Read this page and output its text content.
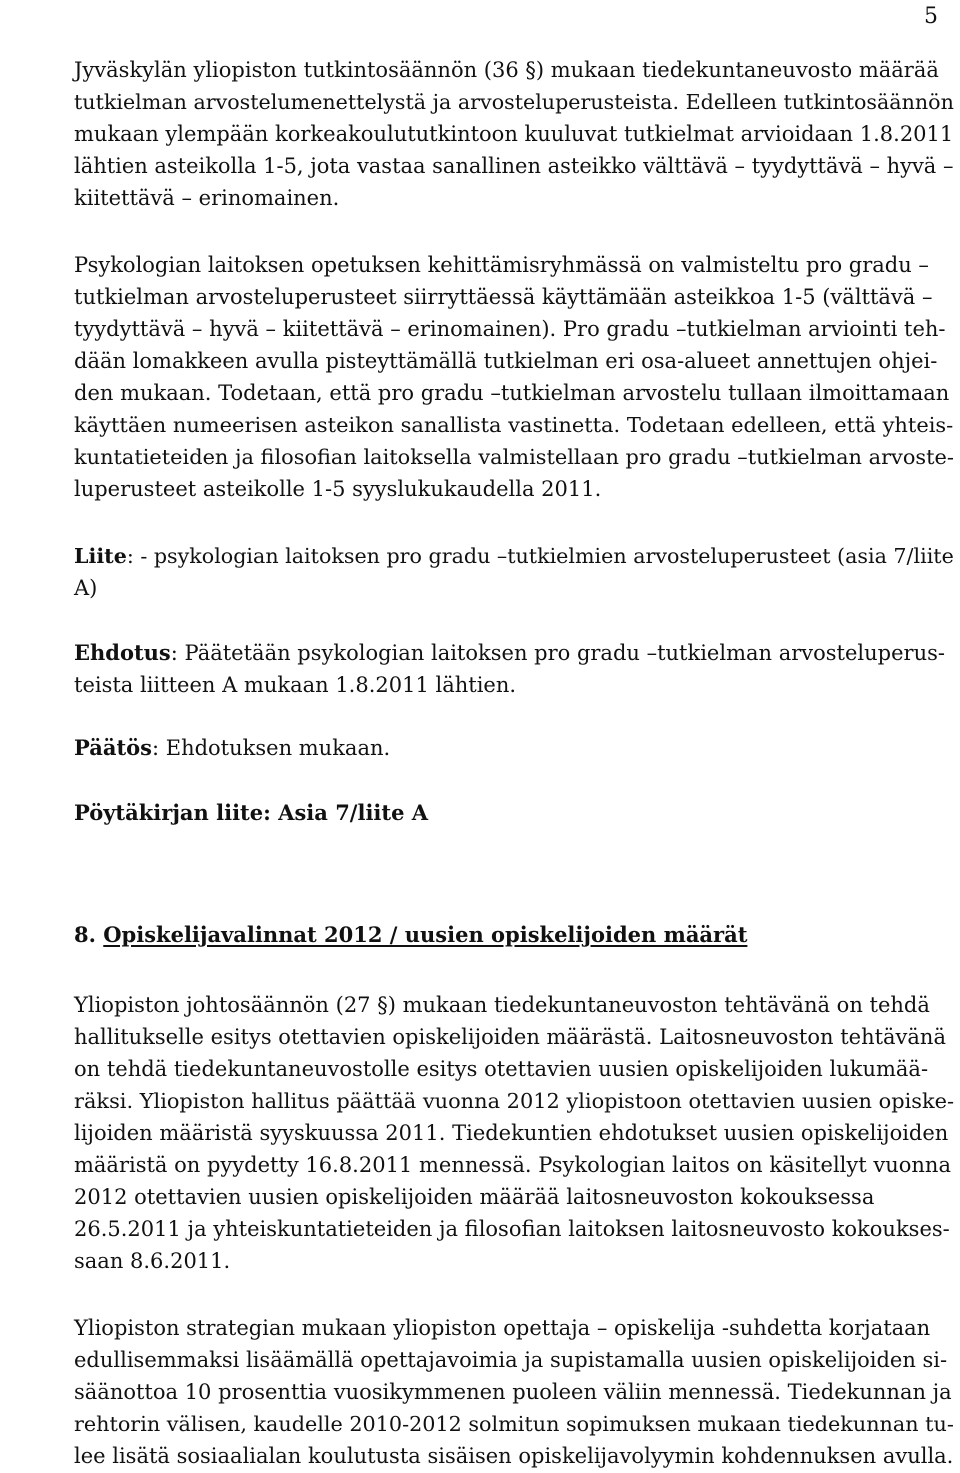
5
Jyväskylän yliopiston tutkintosäännön (36 §) mukaan tiedekuntaneuvosto määrää
tutkielman arvostelumenettelystä ja arvosteluperusteista. Edelleen tutkintosäännön
mukaan ylempään korkeakoulututkintoon kuuluvat tutkielmat arvioidaan 1.8.2011
lähtien asteikolla 1-5, jota vastaa sanallinen asteikko välttävä – tyydyttävä – hyvä –
kiitettävä – erinomainen.
Psykologian laitoksen opetuksen kehittämisryhmässä on valmisteltu pro gradu –
tutkielman arvosteluperusteet siirryttäessä käyttämään asteikkoa 1-5 (välttävä –
tyydyttävä – hyvä – kiitettävä – erinomainen). Pro gradu –tutkielman arviointi teh-
dään lomakkeen avulla pisteyttämällä tutkielman eri osa-alueet annettujen ohjei-
den mukaan. Todetaan, että pro gradu –tutkielman arvostelu tullaan ilmoittamaan
käyttäen numeerisen asteikon sanallista vastinetta. Todetaan edelleen, että yhteis-
kuntatieteiden ja filosofian laitoksella valmistellaan pro gradu –tutkielman arvoste-
luperusteet asteikolle 1-5 syyslukukaudella 2011.
Liite: - psykologian laitoksen pro gradu –tutkielmien arvosteluperusteet (asia 7/liite
A)
Ehdotus: Päätetään psykologian laitoksen pro gradu –tutkielman arvosteluperus-
teista liitteen A mukaan 1.8.2011 lähtien.
Päätös: Ehdotuksen mukaan.
Pöytäkirjan liite: Asia 7/liite A
8. Opiskelijavalinnat 2012 / uusien opiskelijoiden määrät
Yliopiston johtosäännön (27 §) mukaan tiedekuntaneuvoston tehtävänä on tehdä
hallitukselle esitys otettavien opiskelijoiden määrästä. Laitosneuvoston tehtävänä
on tehdä tiedekuntaneuvostolle esitys otettavien uusien opiskelijoiden lukumää-
räksi. Yliopiston hallitus päättää vuonna 2012 yliopistoon otettavien uusien opiske-
lijoiden määristä syyskuussa 2011. Tiedekuntien ehdotukset uusien opiskelijoiden
määristä on pyydetty 16.8.2011 mennessä. Psykologian laitos on käsitellyt vuonna
2012 otettavien uusien opiskelijoiden määrää laitosneuvoston kokouksessa
26.5.2011 ja yhteiskuntatieteiden ja filosofian laitoksen laitosneuvosto kokoukses-
saan 8.6.2011.
Yliopiston strategian mukaan yliopiston opettaja – opiskelija -suhdetta korjataan
edullisemmaksi lisäämällä opettajavoimia ja supistamalla uusien opiskelijoiden si-
säänottoa 10 prosenttia vuosikymmenen puoleen väliin mennessä. Tiedekunnan ja
rehtorin välisen, kaudelle 2010-2012 solmitun sopimuksen mukaan tiedekunnan tu-
lee lisätä sosiaalialan koulutusta sisäisen opiskelijavolyymin kohdennuksen avulla.
